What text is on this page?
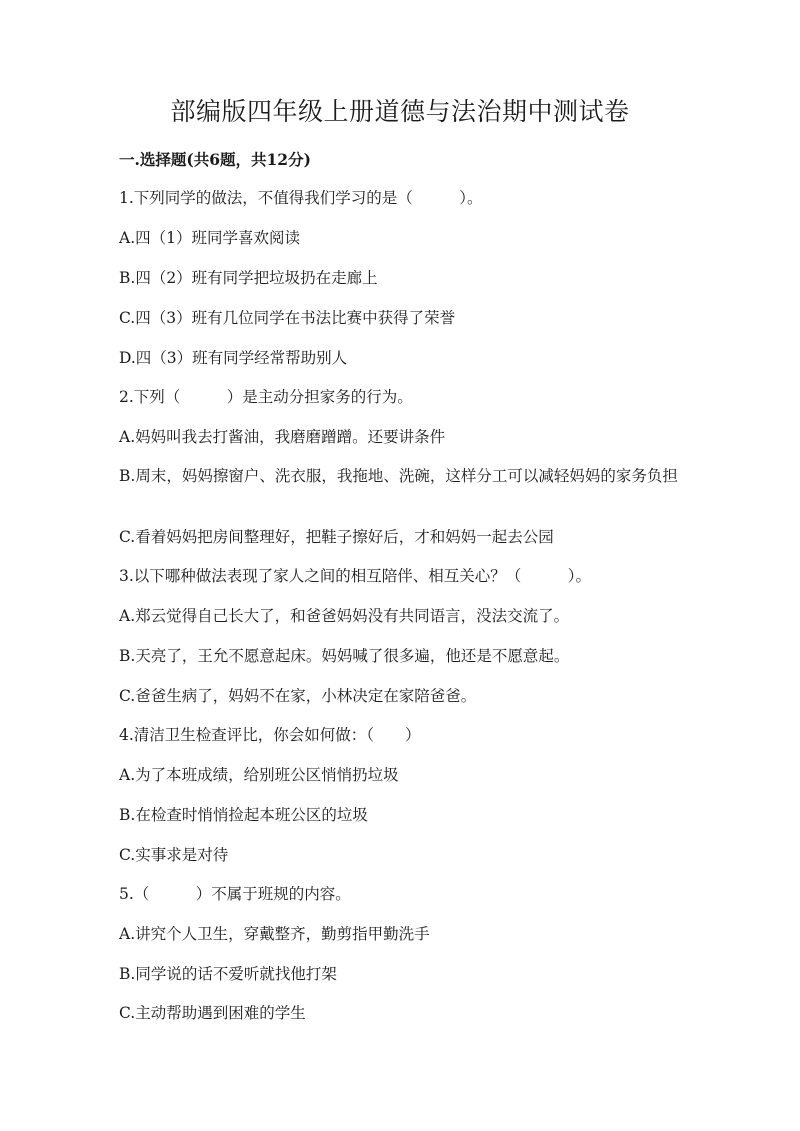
部编版四年级上册道德与法治期中测试卷
一.选择题(共6题，共12分)
1.下列同学的做法，不值得我们学习的是（　　　）。
A.四（1）班同学喜欢阅读
B.四（2）班有同学把垃圾扔在走廊上
C.四（3）班有几位同学在书法比赛中获得了荣誉
D.四（3）班有同学经常帮助别人
2.下列（　　　）是主动分担家务的行为。
A.妈妈叫我去打酱油，我磨磨蹭蹭。还要讲条件
B.周末，妈妈擦窗户、洗衣服，我拖地、洗碗，这样分工可以减轻妈妈的家务负担
C.看着妈妈把房间整理好，把鞋子擦好后，才和妈妈一起去公园
3.以下哪种做法表现了家人之间的相互陪伴、相互关心？（　　　）。
A.郑云觉得自己长大了，和爸爸妈妈没有共同语言，没法交流了。
B.天亮了，王允不愿意起床。妈妈喊了很多遍，他还是不愿意起。
C.爸爸生病了，妈妈不在家，小林决定在家陪爸爸。
4.清洁卫生检查评比，你会如何做：（　　）
A.为了本班成绩，给别班公区悄悄扔垃圾
B.在检查时悄悄捡起本班公区的垃圾
C.实事求是对待
5.（　　　）不属于班规的内容。
A.讲究个人卫生，穿戴整齐，勤剪指甲勤洗手
B.同学说的话不爱听就找他打架
C.主动帮助遇到困难的学生
